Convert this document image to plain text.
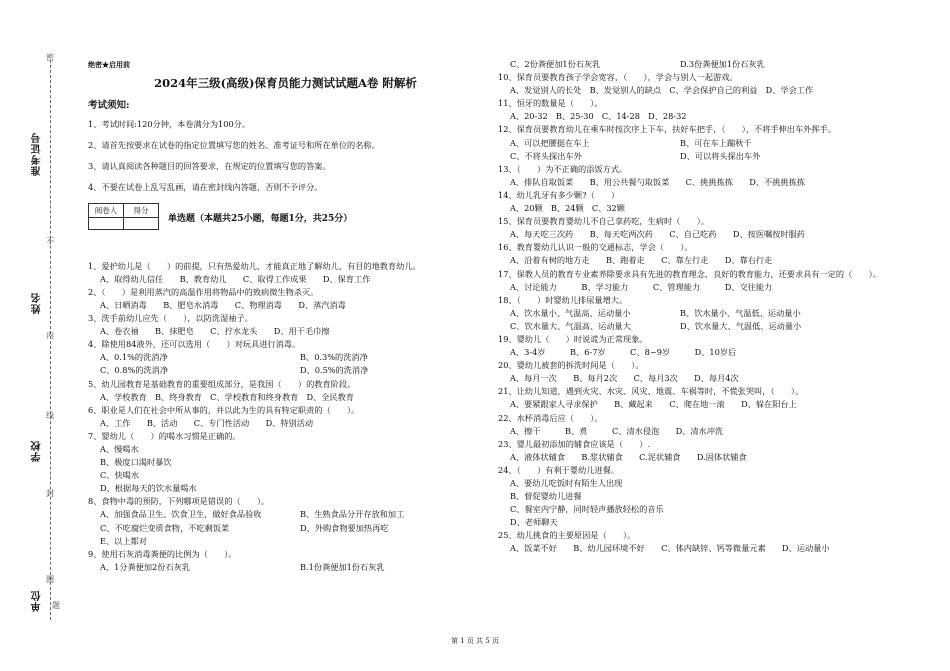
准考证号
姓名
学校
单位
密
不
内
线
封
圈
题

绝密★启用前

2024年三级(高级)保育员能力测试试题A卷 附解析

考试须知:

1、考试时间:120分钟，本卷满分为100分。

2、请首先按要求在试卷的指定位置填写您的姓名、准考证号和所在单位的名称。

3、请认真阅读各种题目的回答要求，在规定的位置填写您的答案。

4、不要在试卷上乱写乱画，请在密封线内答题，否则不予评分。

阅卷人	得分

1、爱护幼儿是（　　）的前提，只有热爱幼儿，才能真正地了解幼儿，有目的地教育幼儿。

A、取得幼儿信任　　B、教育幼儿　　C、取得工作成果　　D、保育工作

2、（　　）是利用蒸汽的高温作用将物品中的致病微生物杀灭。

A、日晒消毒　　B、肥皂水消毒　　C、物理消毒　　D、蒸汽消毒

3、洗手前幼儿应先（　　），以防洗湿袖子。

A、卷衣袖　　B、抹肥皂　　C、拧水龙头　　D、用干毛巾擦

4、除使用84液外，还可以选用（　　）对玩具进行消毒。

A、0.1%的洗消净	B、0.3%的洗消净
C、0.8%的洗消净	D、0.5%的洗消净

5、幼儿园教育是基础教育的重要组成部分，是我国（　　）的教育阶段。

A、学校教育　B、终身教育　C、学校教育和终身教育　D、全民教育

6、职业是人们在社会中所从事的，并以此为生的具有特定职责的（　　）。

A、工作　　B、活动　　C、专门性活动　　D、特别活动

7、婴幼儿（　　）的喝水习惯是正确的。

A、慢喝水

B、极度口渴时暴饮

C、快喝水

D、根据每天的饮水量喝水

8、食物中毒的预防，下列哪项是错误的（　　）。

A、加强食品卫生、饮食卫生，做好食品验收	B、生熟食品分开存放和加工
C、不吃腐烂变质食物，不吃剩饭菜	D、外购食物要加热再吃

E、以上都对

9、使用石灰消毒粪便的比例为（　　）。

A、1分粪便加2份石灰乳	B.1份粪便加1份石灰乳
单选题（本题共25小题，每题1分，共25分）
C、2份粪便加1份石灰乳	D.3份粪便加1份石灰乳

10、保育员要教育孩子学会宽容，（　　），学会与别人一起游戏。

A、发觉别人的长处　B、发觉别人的缺点　C、学会保护自己的利益　D、学会工作

11、恒牙的数量是（　　）。

A、20-32　B、25-30　C、14-28　D、28-32

12、保育员要教育幼儿在乘车时按次序上下车，扶好车把手，（　　），不将手伸出车外挥手。

A、可以把腰挺在车上	B、可在车上蹦秋千
C、不将头探出车外	D、可以将头探出车外

13、（　　）为不正确的添饭方式。

A、排队自取饭菜　　B、用公共餐勺取饭菜　　C、挑挑拣拣　　D、不挑挑拣拣

14、幼儿乳牙有多少颗?（　　）

A、20颗　B、24颗　C、32颗

15、保育员要教育婴幼儿不自己拿药吃，生病时（　　）。

A、每天吃三次药　　B、每天吃两次药　　C、自己吃药　　D、按医嘱按时服药

16、教育婴幼儿认识一般的交通标志，学会（　　）。

A、沿着有树的地方走　　B、跑着走　　C、靠左行走　　D、靠右行走

17、保教人员的教育专业素养除要求具有先进的教育理念，良好的教育能力，还要求具有一定的（　　）。

A、讨论能力　　　B、学习能力　　　C、管理能力　　　D、交往能力

18、（　　）时婴幼儿排尿量增大。

A、饮水量小、气温高、运动量小	B、饮水量小、气温低、运动量小
C、饮水量大、气温高、运动量大	D、饮水量大、气温低、运动量小

19、婴幼儿（　　）时说谎为正常现象。

A、3-4岁　　　B、6-7岁　　　C、8~9岁　　　D、10岁后

20、婴幼儿被套的拆洗时间是（　　）。

A、每月一次　　B、每月2次　　C、每月3次　　D、每月4次

21、让幼儿知道，遇到火灾、水灾、风灾、地震、车祸等时，不慌张哭叫，（　　）。

A、要紧跟家人寻求保护　　B、藏起来　　C、爬在地一滚　　D、躲在阳台上

22、水杯消毒后应（　　）。

A、擦干　　　B、煮　　　C、清水侵泡　　D、清水冲洗

23、婴儿最初添加的辅食应该是（　　）.

A、液体状辅食　　B.浆状辅食　　C.泥状辅食　　D.固体状辅食

24、（　　）有利于婴幼儿进餐。

A、要幼儿吃饭时有陌生人出现

B、督促婴幼儿进餐

C、餐室内宁静，同时轻声播放轻松的音乐

D、老师聊天

25、幼儿挑食的主要原因是（　　）。

A、饭菜不好　　B、幼儿园环境不好　　C、体内缺锌、钙等微量元素　　D、运动量小

第 1 页 共 5 页
